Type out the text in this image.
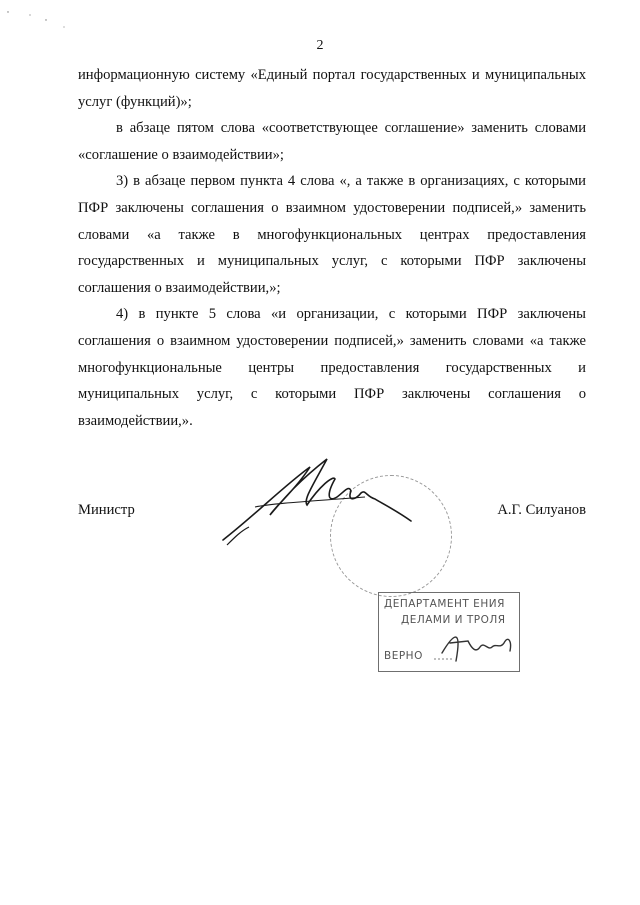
2

информационную систему «Единый портал государственных и муниципальных услуг (функций)»;

в абзаце пятом слова «соответствующее соглашение» заменить словами «соглашение о взаимодействии»;

3) в абзаце первом пункта 4 слова «, а также в организациях, с которыми ПФР заключены соглашения о взаимном удостоверении подписей,» заменить словами «а также в многофункциональных центрах предоставления государственных и муниципальных услуг, с которыми ПФР заключены соглашения о взаимодействии,»;

4) в пункте 5 слова «и организации, с которыми ПФР заключены соглашения о взаимном удостоверении подписей,» заменить словами «а также многофункциональные центры предоставления государственных и муниципальных услуг, с которыми ПФР заключены соглашения о взаимодействии,».

Министр	А.Г. Силуанов
ДЕПАРТАМЕНТ ЕНИЯ
ДЕЛАМИ И ТРОЛЯ
ВЕРНО
